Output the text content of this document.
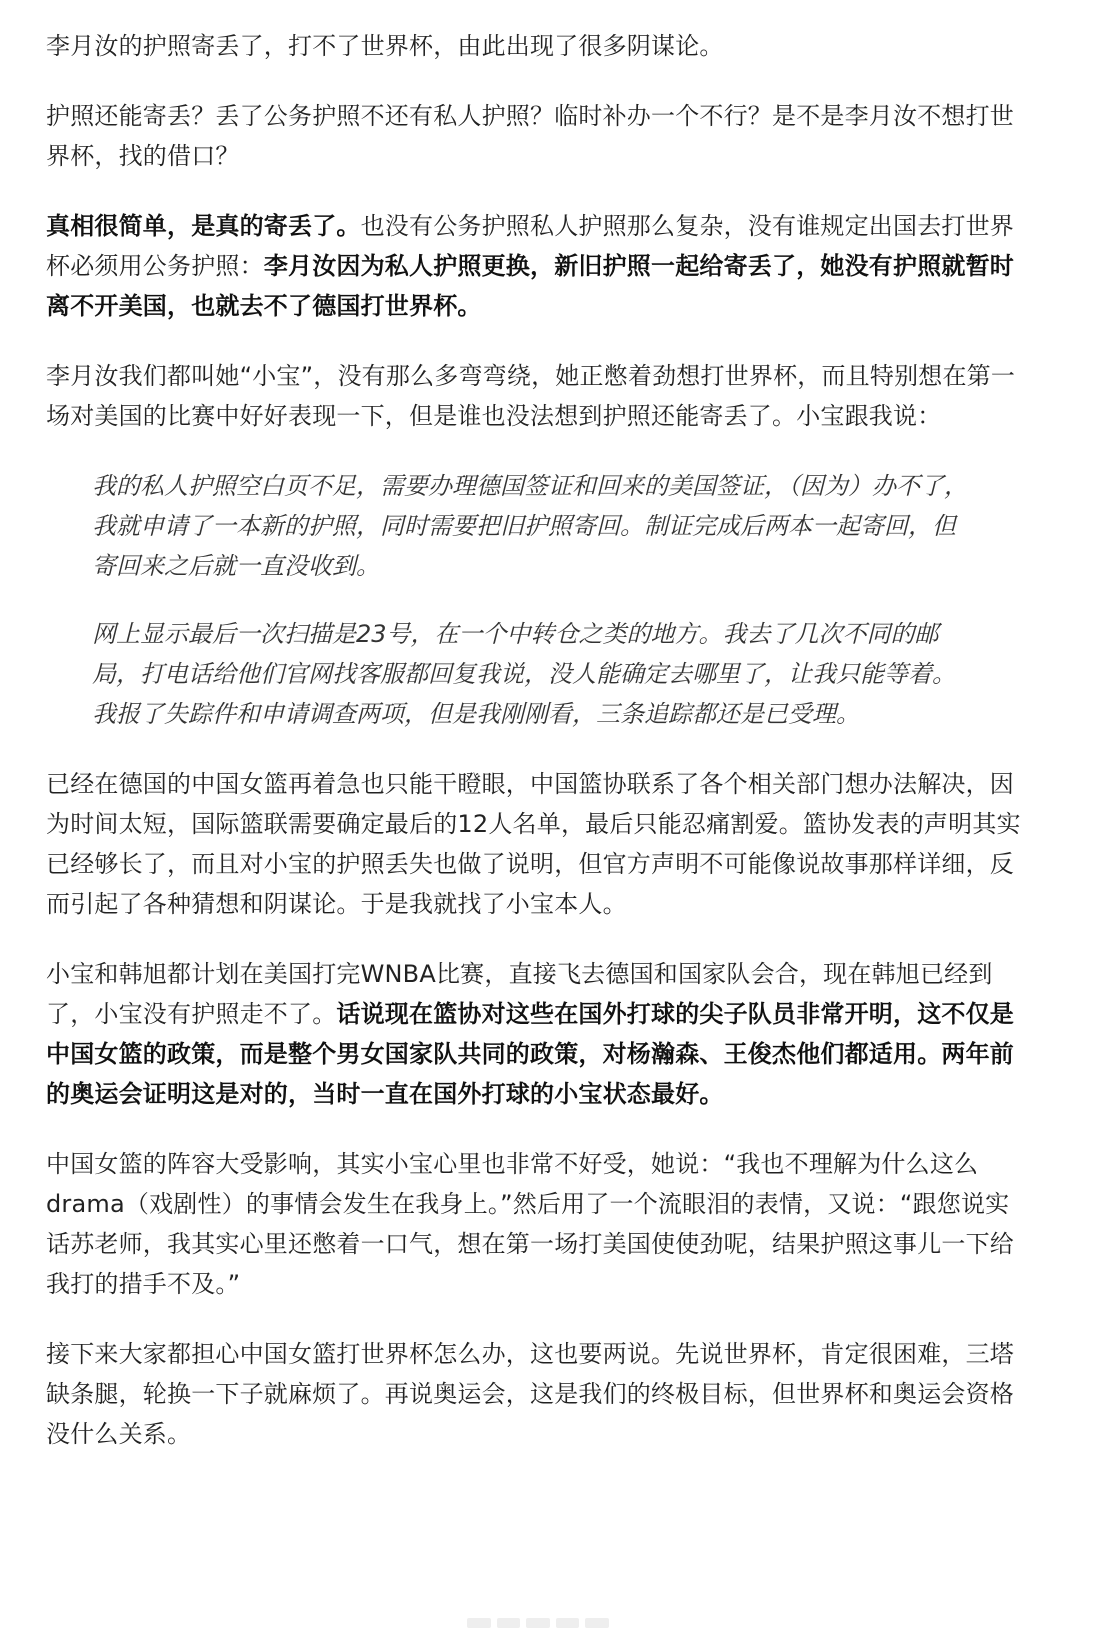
李月汝的护照寄丢了，打不了世界杯，由此出现了很多阴谋论。

护照还能寄丢？丢了公务护照不还有私人护照？临时补办一个不行？是不是李月汝不想打世界杯，找的借口？

真相很简单，是真的寄丢了。也没有公务护照私人护照那么复杂，没有谁规定出国去打世界杯必须用公务护照：李月汝因为私人护照更换，新旧护照一起给寄丢了，她没有护照就暂时离不开美国，也就去不了德国打世界杯。

李月汝我们都叫她“小宝”，没有那么多弯弯绕，她正憋着劲想打世界杯，而且特别想在第一场对美国的比赛中好好表现一下，但是谁也没法想到护照还能寄丢了。小宝跟我说：

我的私人护照空白页不足，需要办理德国签证和回来的美国签证，（因为）办不了，我就申请了一本新的护照，同时需要把旧护照寄回。制证完成后两本一起寄回，但寄回来之后就一直没收到。

网上显示最后一次扫描是23号，在一个中转仓之类的地方。我去了几次不同的邮局，打电话给他们官网找客服都回复我说，没人能确定去哪里了，让我只能等着。我报了失踪件和申请调查两项，但是我刚刚看，三条追踪都还是已受理。

已经在德国的中国女篮再着急也只能干瞪眼，中国篮协联系了各个相关部门想办法解决，因为时间太短，国际篮联需要确定最后的12人名单，最后只能忍痛割爱。篮协发表的声明其实已经够长了，而且对小宝的护照丢失也做了说明，但官方声明不可能像说故事那样详细，反而引起了各种猜想和阴谋论。于是我就找了小宝本人。

小宝和韩旭都计划在美国打完WNBA比赛，直接飞去德国和国家队会合，现在韩旭已经到了，小宝没有护照走不了。话说现在篮协对这些在国外打球的尖子队员非常开明，这不仅是中国女篮的政策，而是整个男女国家队共同的政策，对杨瀚森、王俊杰他们都适用。两年前的奥运会证明这是对的，当时一直在国外打球的小宝状态最好。

中国女篮的阵容大受影响，其实小宝心里也非常不好受，她说：“我也不理解为什么这么drama（戏剧性）的事情会发生在我身上。”然后用了一个流眼泪的表情，又说：“跟您说实话苏老师，我其实心里还憋着一口气，想在第一场打美国使使劲呢，结果护照这事儿一下给我打的措手不及。”

接下来大家都担心中国女篮打世界杯怎么办，这也要两说。先说世界杯，肯定很困难，三塔缺条腿，轮换一下子就麻烦了。再说奥运会，这是我们的终极目标，但世界杯和奥运会资格没什么关系。
